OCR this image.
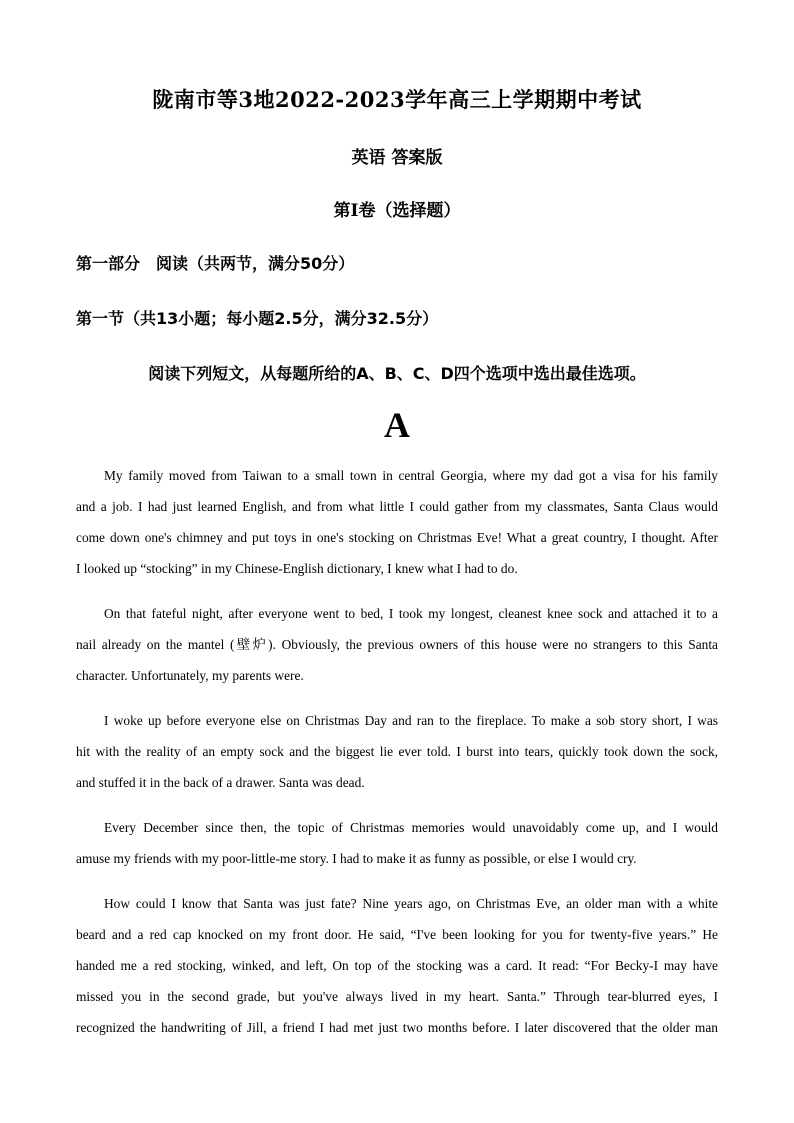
陇南市等3地2022-2023学年高三上学期期中考试
英语 答案版
第Ⅰ卷（选择题）
第一部分　阅读（共两节，满分50分）
第一节（共13小题；每小题2.5分，满分32.5分）
阅读下列短文，从每题所给的A、B、C、D四个选项中选出最佳选项。
A
My family moved from Taiwan to a small town in central Georgia, where my dad got a visa for his family
and a job. I had just learned English, and from what little I could gather from my classmates, Santa Claus would
come down one's chimney and put toys in one's stocking on Christmas Eve! What a great country, I thought. After
I looked up “stocking” in my Chinese-English dictionary, I knew what I had to do.
On that fateful night, after everyone went to bed, I took my longest, cleanest knee sock and attached it to a
nail already on the mantel (壁炉). Obviously, the previous owners of this house were no strangers to this Santa
character. Unfortunately, my parents were.
I woke up before everyone else on Christmas Day and ran to the fireplace. To make a sob story short, I was
hit with the reality of an empty sock and the biggest lie ever told. I burst into tears, quickly took down the sock,
and stuffed it in the back of a drawer. Santa was dead.
Every December since then, the topic of Christmas memories would unavoidably come up, and I would
amuse my friends with my poor-little-me story. I had to make it as funny as possible, or else I would cry.
How could I know that Santa was just fate? Nine years ago, on Christmas Eve, an older man with a white
beard and a red cap knocked on my front door. He said, “I've been looking for you for twenty-five years.” He
handed me a red stocking, winked, and left, On top of the stocking was a card. It read: “For Becky-I may have
missed you in the second grade, but you've always lived in my heart. Santa.” Through tear-blurred eyes, I
recognized the handwriting of Jill, a friend I had met just two months before. I later discovered that the older man
